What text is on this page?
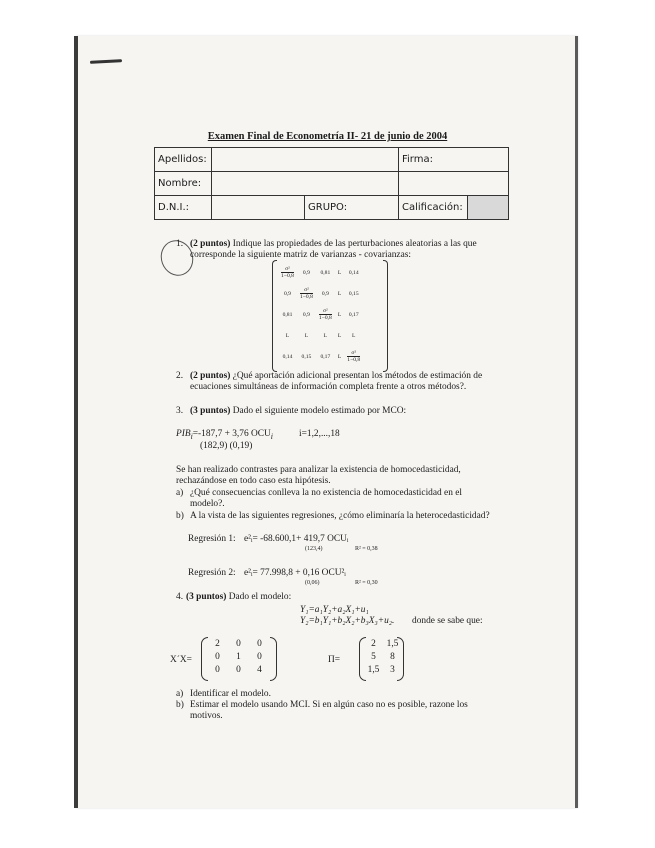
Examen Final de Econometría II- 21 de junio de 2004
Apellidos:			Firma:	
Nombre:				
D.N.I.:		GRUPO:	Calificación:	
1. (2 puntos) Indique las propiedades de las perturbaciones aleatorias a las que
corresponde la siguiente matriz de varianzas - covarianzas:
$\frac{\text{σ²}}{1-0,8}$	0,9	0,81	L	0,14
0,9	$\frac{\text{σ²}}{1-0,8}$	0,9	L	0,15
0,81	0,9	$\frac{\text{σ²}}{1-0,8}$	L	0,17
L	L	L	L	L
0,14	0,15	0,17	L	$\frac{\text{σ²}}{1-0,8}$
2. (2 puntos) ¿Qué aportación adicional presentan los métodos de estimación de
ecuaciones simultáneas de información completa frente a otros métodos?.
3. (3 puntos) Dado el siguiente modelo estimado por MCO:
$PIB_i=-187,7 + 3,76$ $OCU_i$	i=1,2,...,18
(182,9) (0,19)
Se han realizado contrastes para analizar la existencia de homocedasticidad,
rechazándose en todo caso esta hipótesis.
a) ¿Qué consecuencias conlleva la no existencia de homocedasticidad en el
modelo?.
b) A la vista de las siguientes regresiones, ¿cómo eliminaría la heterocedasticidad?
Regresión 1: e²ᵢ= -68.600,1+ 419,7 OCUᵢ
(123,4)	R² = 0,38
Regresión 2: e²ᵢ= 77.998,8 + 0,16 OCU²ᵢ
(0,06)	R² = 0,30
4. (3 puntos) Dado el modelo:
Y₁=a₁Y₂+a₂X₁+u₁
Y₂=b₁Y₁+b₂X₂+b₃X₃+u₂. donde se sabe que:
X´X=
2	0	0
0	1	0
0	0	4
Π=
2	1,5
5	8
1,5	3
a) Identificar el modelo.
b) Estimar el modelo usando MCI. Si en algún caso no es posible, razone los
motivos.
